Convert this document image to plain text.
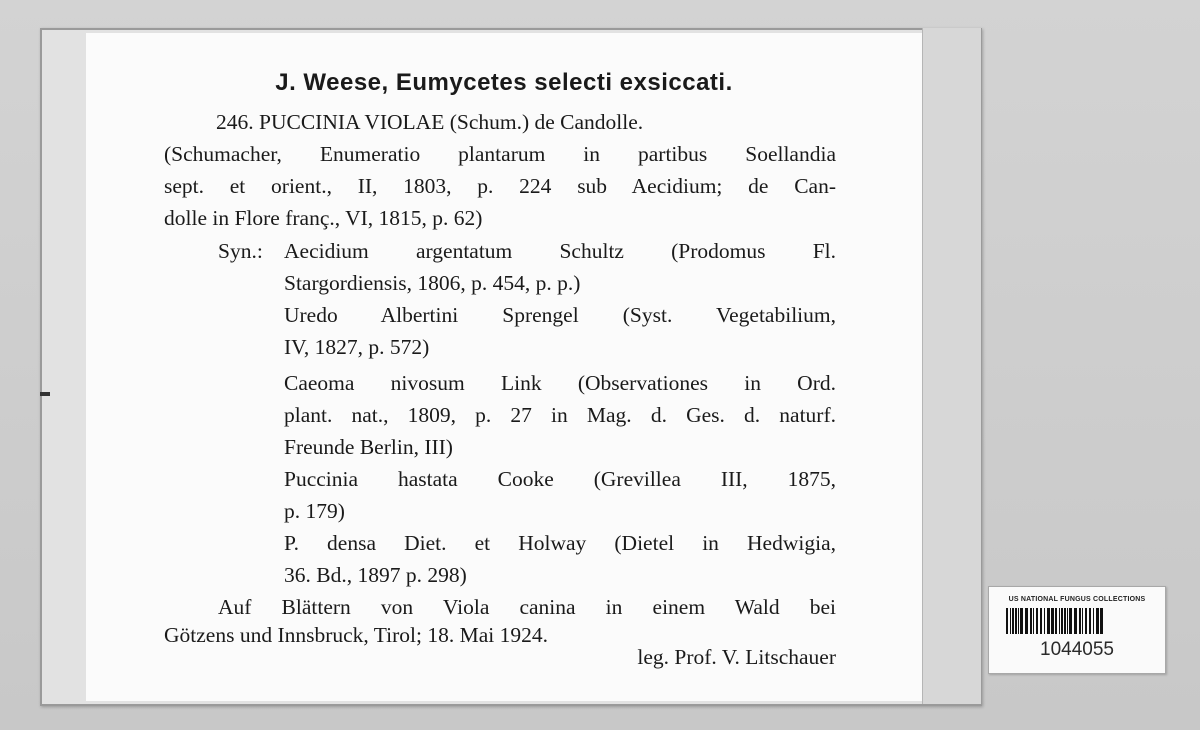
J. Weese, Eumycetes selecti exsiccati.
246. PUCCINIA VIOLAE (Schum.) de Candolle.
(Schumacher, Enumeratio plantarum in partibus Soellandia
sept. et orient., II, 1803, p. 224 sub Aecidium; de Can-
dolle in Flore franç., VI, 1815, p. 62)
Syn.: Aecidium argentatum Schultz (Prodomus Fl.
Stargordiensis, 1806, p. 454, p. p.)
Uredo Albertini Sprengel (Syst. Vegetabilium,
IV, 1827, p. 572)
Caeoma nivosum Link (Observationes in Ord.
plant. nat., 1809, p. 27 in Mag. d. Ges. d. naturf.
Freunde Berlin, III)
Puccinia hastata Cooke (Grevillea III, 1875,
p. 179)
P. densa Diet. et Holway (Dietel in Hedwigia,
36. Bd., 1897 p. 298)
Auf Blättern von Viola canina in einem Wald bei
Götzens und Innsbruck, Tirol; 18. Mai 1924.
leg. Prof. V. Litschauer
US NATIONAL FUNGUS COLLECTIONS
1044055
